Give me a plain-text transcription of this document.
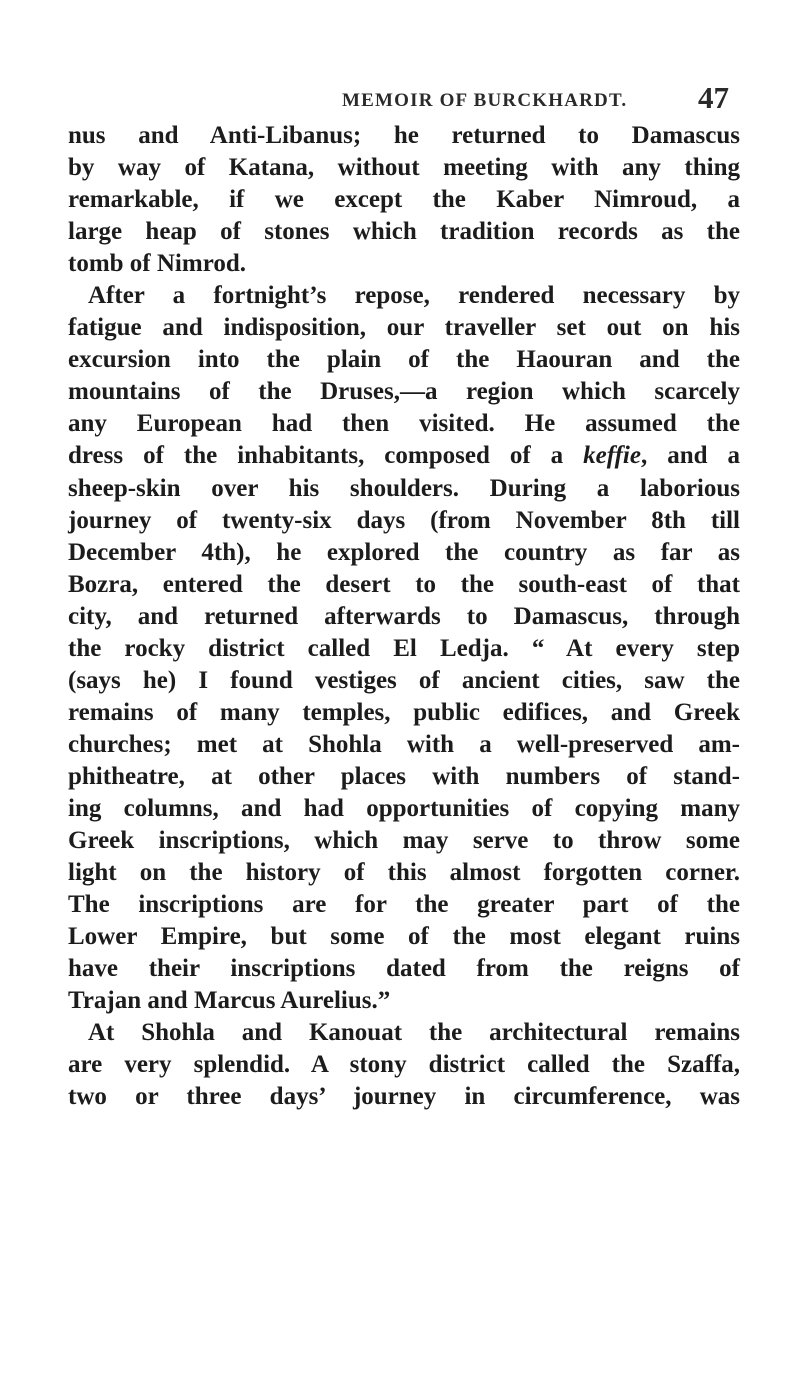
MEMOIR OF BURCKHARDT. 47
nus and Anti-Libanus; he returned to Damascus
by way of Katana, without meeting with any thing
remarkable, if we except the Kaber Nimroud, a
large heap of stones which tradition records as the
tomb of Nimrod.
After a fortnight’s repose, rendered necessary by
fatigue and indisposition, our traveller set out on his
excursion into the plain of the Haouran and the
mountains of the Druses,—a region which scarcely
any European had then visited. He assumed the
dress of the inhabitants, composed of a keffie, and a
sheep-skin over his shoulders. During a laborious
journey of twenty-six days (from November 8th till
December 4th), he explored the country as far as
Bozra, entered the desert to the south-east of that
city, and returned afterwards to Damascus, through
the rocky district called El Ledja. “ At every step
(says he) I found vestiges of ancient cities, saw the
remains of many temples, public edifices, and Greek
churches; met at Shohla with a well-preserved am-
phitheatre, at other places with numbers of stand-
ing columns, and had opportunities of copying many
Greek inscriptions, which may serve to throw some
light on the history of this almost forgotten corner.
The inscriptions are for the greater part of the
Lower Empire, but some of the most elegant ruins
have their inscriptions dated from the reigns of
Trajan and Marcus Aurelius.”
At Shohla and Kanouat the architectural remains
are very splendid. A stony district called the Szaffa,
two or three days’ journey in circumference, was
